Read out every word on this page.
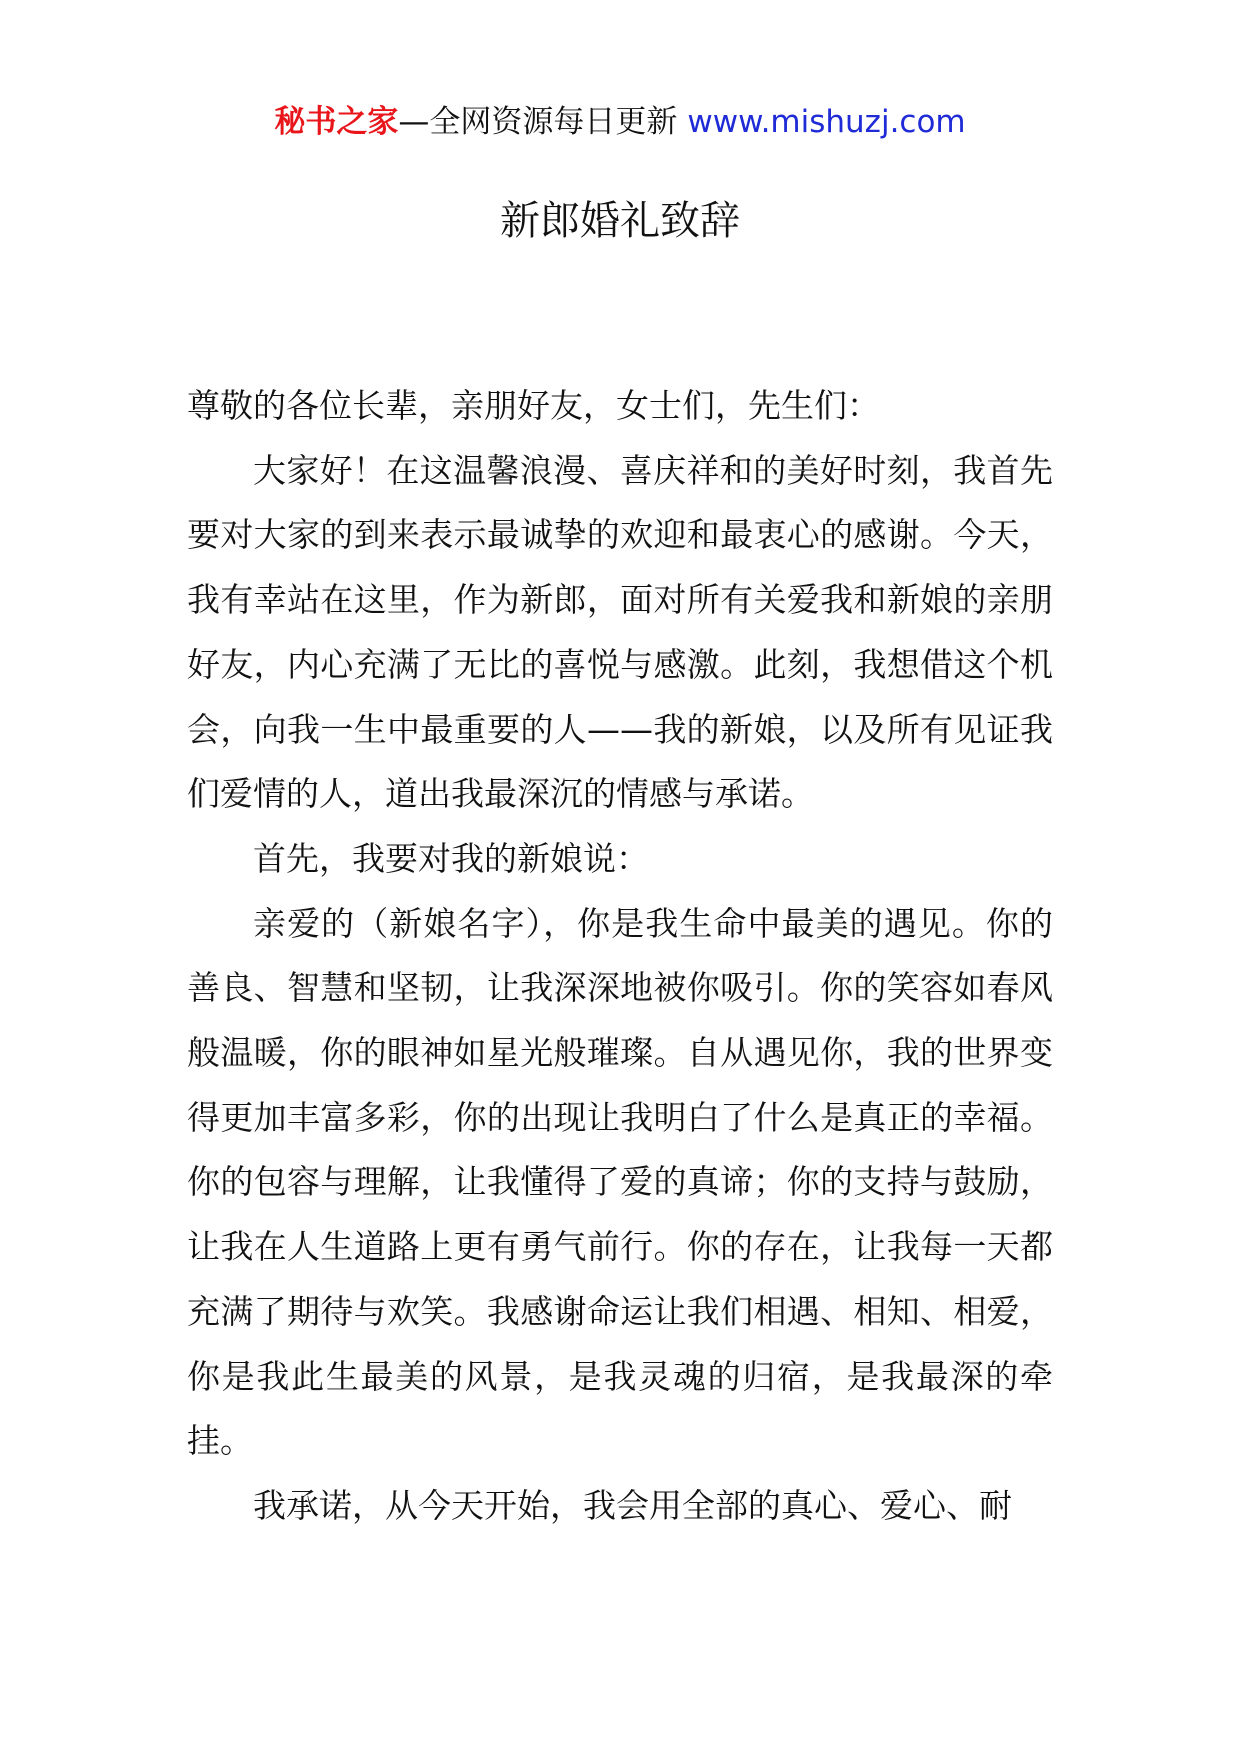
秘书之家—全网资源每日更新 www.mishuzj.com
新郎婚礼致辞

尊敬的各位长辈，亲朋好友，女士们，先生们：

大家好！在这温馨浪漫、喜庆祥和的美好时刻，我首先要对大家的到来表示最诚挚的欢迎和最衷心的感谢。今天，我有幸站在这里，作为新郎，面对所有关爱我和新娘的亲朋好友，内心充满了无比的喜悦与感激。此刻，我想借这个机会，向我一生中最重要的人——我的新娘，以及所有见证我们爱情的人，道出我最深沉的情感与承诺。

首先，我要对我的新娘说：

亲爱的（新娘名字），你是我生命中最美的遇见。你的善良、智慧和坚韧，让我深深地被你吸引。你的笑容如春风般温暖，你的眼神如星光般璀璨。自从遇见你，我的世界变得更加丰富多彩，你的出现让我明白了什么是真正的幸福。你的包容与理解，让我懂得了爱的真谛；你的支持与鼓励，让我在人生道路上更有勇气前行。你的存在，让我每一天都充满了期待与欢笑。我感谢命运让我们相遇、相知、相爱，你是我此生最美的风景，是我灵魂的归宿，是我最深的牵挂。

我承诺，从今天开始，我会用全部的真心、爱心、耐
